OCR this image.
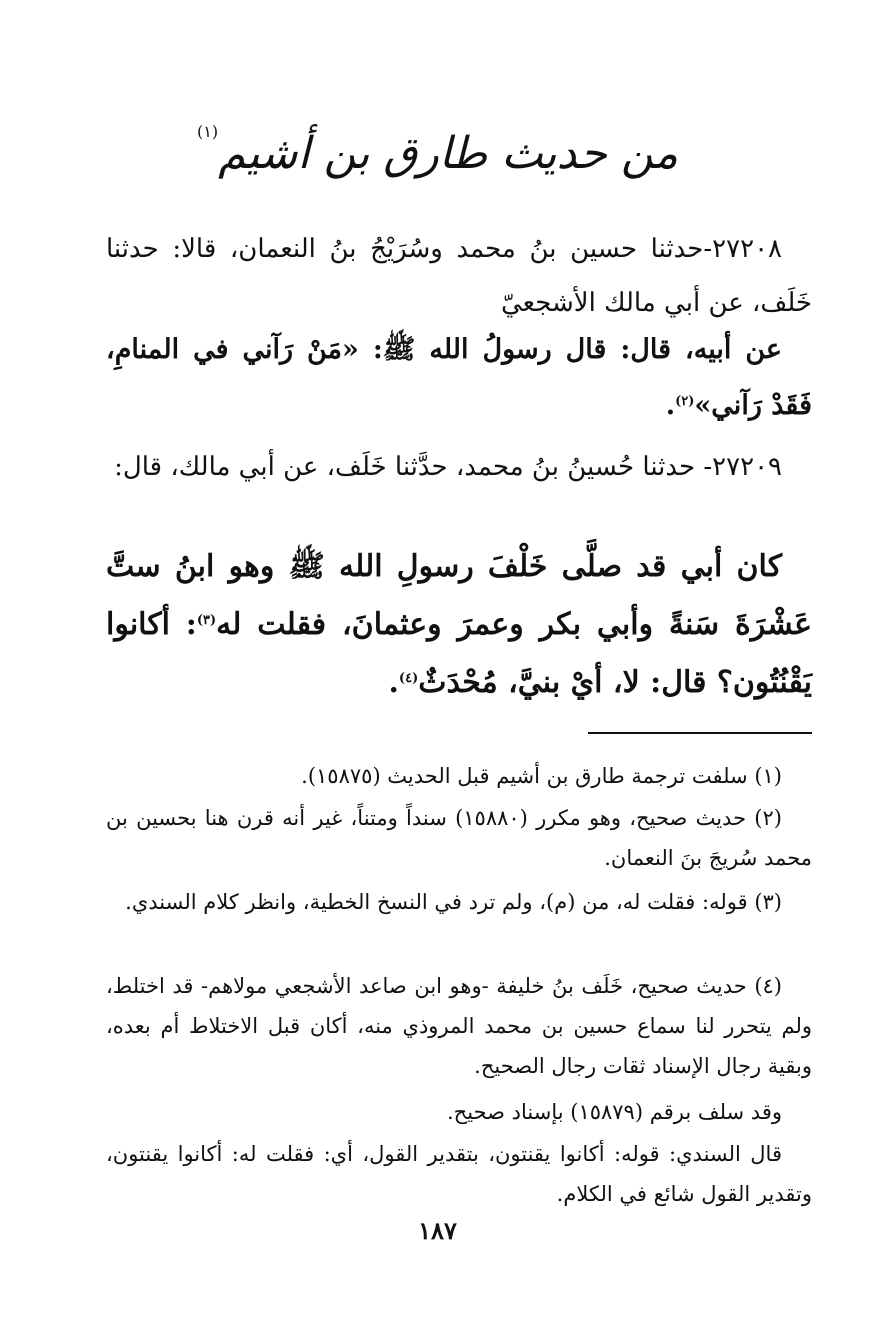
من حديث طارق بن أشيم$^{(١)}$
٢٧٢٠٨-حدثنا حسين بنُ محمد وسُرَيْجُ بنُ النعمان، قالا: حدثنا خَلَف، عن أبي مالك الأشجعيّ
عن أبيه، قال: قال رسولُ الله ﷺ: «مَنْ رَآني في المنامِ، فَقَدْ رَآني»$^{(٢)}$.
٢٧٢٠٩- حدثنا حُسينُ بنُ محمد، حدَّثنا خَلَف، عن أبي مالك، قال:
كان أبي قد صلَّى خَلْفَ رسولِ الله ﷺ وهو ابنُ ستَّ عَشْرَةَ سَنةً وأبي بكر وعمرَ وعثمانَ، فقلت له$^{(٣)}$: أكانوا يَقْنُتُون؟ قال: لا، أيْ بنيَّ، مُحْدَثٌ$^{(٤)}$.
(١) سلفت ترجمة طارق بن أشيم قبل الحديث (١٥٨٧٥).
(٢) حديث صحيح، وهو مكرر (١٥٨٨٠) سنداً ومتناً، غير أنه قرن هنا بحسين بن محمد سُريجَ بنَ النعمان.
(٣) قوله: فقلت له، من (م)، ولم ترد في النسخ الخطية، وانظر كلام السندي.
(٤) حديث صحيح، خَلَف بنُ خليفة -وهو ابن صاعد الأشجعي مولاهم- قد اختلط، ولم يتحرر لنا سماع حسين بن محمد المروذي منه، أكان قبل الاختلاط أم بعده، وبقية رجال الإسناد ثقات رجال الصحيح.
وقد سلف برقم (١٥٨٧٩) بإسناد صحيح.
قال السندي: قوله: أكانوا يقنتون، بتقدير القول، أي: فقلت له: أكانوا يقنتون، وتقدير القول شائع في الكلام.
١٨٧
